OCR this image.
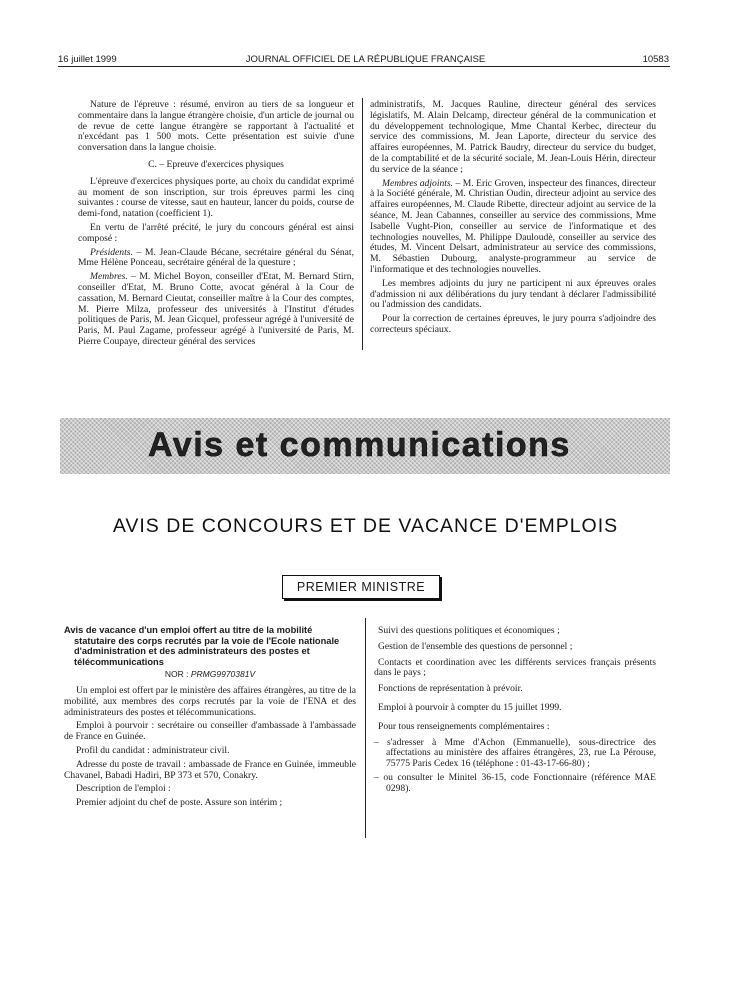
16 juillet 1999	JOURNAL OFFICIEL DE LA RÉPUBLIQUE FRANÇAISE	10583

Nature de l'épreuve : résumé, environ au tiers de sa longueur et commentaire dans la langue étrangère choisie, d'un article de journal ou de revue de cette langue étrangère se rapportant à l'actualité et n'excédant pas 1 500 mots. Cette présentation est suivie d'une conversation dans la langue choisie.

C. – Epreuve d'exercices physiques

L'épreuve d'exercices physiques porte, au choix du candidat exprimé au moment de son inscription, sur trois épreuves parmi les cinq suivantes : course de vitesse, saut en hauteur, lancer du poids, course de demi-fond, natation (coefficient 1).

En vertu de l'arrêté précité, le jury du concours général est ainsi composé :

Présidents. – M. Jean-Claude Bécane, secrétaire général du Sénat, Mme Hélène Ponceau, secrétaire général de la questure ;

Membres. – M. Michel Boyon, conseiller d'Etat, M. Bernard Stirn, conseiller d'Etat, M. Bruno Cotte, avocat général à la Cour de cassation, M. Bernard Cieutat, conseiller maître à la Cour des comptes, M. Pierre Milza, professeur des universités à l'Institut d'études politiques de Paris, M. Jean Gicquel, professeur agrégé à l'université de Paris, M. Paul Zagame, professeur agrégé à l'université de Paris, M. Pierre Coupaye, directeur général des services

administratifs, M. Jacques Rauline, directeur général des services législatifs, M. Alain Delcamp, directeur général de la communication et du développement technologique, Mme Chantal Kerbec, directeur du service des commissions, M. Jean Laporte, directeur du service des affaires européennes, M. Patrick Baudry, directeur du service du budget, de la comptabilité et de la sécurité sociale, M. Jean-Louis Hérin, directeur du service de la séance ;

Membres adjoints. – M. Eric Groven, inspecteur des finances, directeur à la Société générale, M. Christian Oudin, directeur adjoint au service des affaires européennes, M. Claude Ribette, directeur adjoint au service de la séance, M. Jean Cabannes, conseiller au service des commissions, Mme Isabelle Vught-Pion, conseiller au service de l'informatique et des technologies nouvelles, M. Philippe Dauloudè, conseiller au service des études, M. Vincent Delsart, administrateur au service des commissions, M. Sébastien Dubourg, analyste-programmeur au service de l'informatique et des technologies nouvelles.

Les membres adjoints du jury ne participent ni aux épreuves orales d'admission ni aux délibérations du jury tendant à déclarer l'admissibilité ou l'admission des candidats.

Pour la correction de certaines épreuves, le jury pourra s'adjoindre des correcteurs spéciaux.

Avis et communications
AVIS DE CONCOURS ET DE VACANCE D'EMPLOIS
PREMIER MINISTRE
Avis de vacance d'un emploi offert au titre de la mobilité
statutaire des corps recrutés par la voie de l'Ecole nationale d'administration et des administrateurs des postes et télécommunications
NOR : PRMG9970381V

Un emploi est offert par le ministère des affaires étrangères, au titre de la mobilité, aux membres des corps recrutés par la voie de l'ENA et des administrateurs des postes et télécommunications.

Emploi à pourvoir : secrétaire ou conseiller d'ambassade à l'ambassade de France en Guinée.

Profil du candidat : administrateur civil.

Adresse du poste de travail : ambassade de France en Guinée, immeuble Chavanel, Babadi Hadiri, BP 373 et 570, Conakry.

Description de l'emploi :

Premier adjoint du chef de poste. Assure son intérim ;

Suivi des questions politiques et économiques ;

Gestion de l'ensemble des questions de personnel ;

Contacts et coordination avec les différents services français présents dans le pays ;

Fonctions de représentation à prévoir.

Emploi à pourvoir à compter du 15 juillet 1999.

Pour tous renseignements complémentaires :

– s'adresser à Mme d'Achon (Emmanuelle), sous-directrice des affectations au ministère des affaires étrangères, 23, rue La Pérouse, 75775 Paris Cedex 16 (téléphone : 01-43-17-66-80) ;

– ou consulter le Minitel 36-15, code Fonctionnaire (référence MAE 0298).
